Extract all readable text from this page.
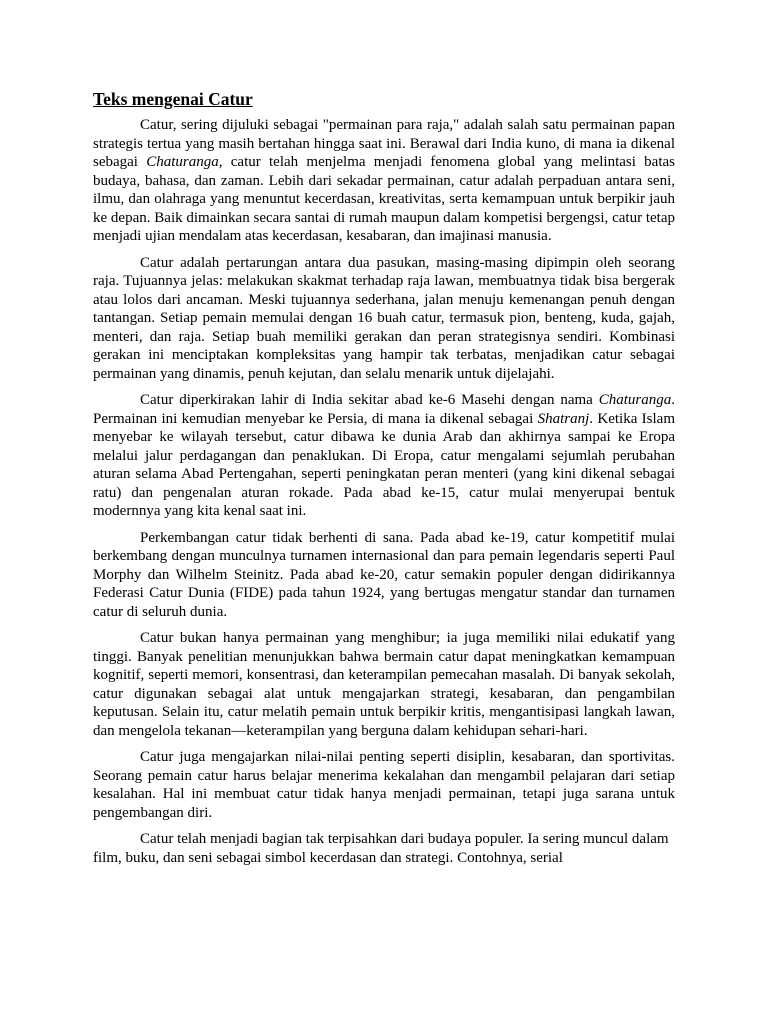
Teks mengenai Catur

Catur, sering dijuluki sebagai "permainan para raja," adalah salah satu permainan papan strategis tertua yang masih bertahan hingga saat ini. Berawal dari India kuno, di mana ia dikenal sebagai Chaturanga, catur telah menjelma menjadi fenomena global yang melintasi batas budaya, bahasa, dan zaman. Lebih dari sekadar permainan, catur adalah perpaduan antara seni, ilmu, dan olahraga yang menuntut kecerdasan, kreativitas, serta kemampuan untuk berpikir jauh ke depan. Baik dimainkan secara santai di rumah maupun dalam kompetisi bergengsi, catur tetap menjadi ujian mendalam atas kecerdasan, kesabaran, dan imajinasi manusia.

Catur adalah pertarungan antara dua pasukan, masing-masing dipimpin oleh seorang raja. Tujuannya jelas: melakukan skakmat terhadap raja lawan, membuatnya tidak bisa bergerak atau lolos dari ancaman. Meski tujuannya sederhana, jalan menuju kemenangan penuh dengan tantangan. Setiap pemain memulai dengan 16 buah catur, termasuk pion, benteng, kuda, gajah, menteri, dan raja. Setiap buah memiliki gerakan dan peran strategisnya sendiri. Kombinasi gerakan ini menciptakan kompleksitas yang hampir tak terbatas, menjadikan catur sebagai permainan yang dinamis, penuh kejutan, dan selalu menarik untuk dijelajahi.

Catur diperkirakan lahir di India sekitar abad ke-6 Masehi dengan nama Chaturanga. Permainan ini kemudian menyebar ke Persia, di mana ia dikenal sebagai Shatranj. Ketika Islam menyebar ke wilayah tersebut, catur dibawa ke dunia Arab dan akhirnya sampai ke Eropa melalui jalur perdagangan dan penaklukan. Di Eropa, catur mengalami sejumlah perubahan aturan selama Abad Pertengahan, seperti peningkatan peran menteri (yang kini dikenal sebagai ratu) dan pengenalan aturan rokade. Pada abad ke-15, catur mulai menyerupai bentuk modernnya yang kita kenal saat ini.

Perkembangan catur tidak berhenti di sana. Pada abad ke-19, catur kompetitif mulai berkembang dengan munculnya turnamen internasional dan para pemain legendaris seperti Paul Morphy dan Wilhelm Steinitz. Pada abad ke-20, catur semakin populer dengan didirikannya Federasi Catur Dunia (FIDE) pada tahun 1924, yang bertugas mengatur standar dan turnamen catur di seluruh dunia.

Catur bukan hanya permainan yang menghibur; ia juga memiliki nilai edukatif yang tinggi. Banyak penelitian menunjukkan bahwa bermain catur dapat meningkatkan kemampuan kognitif, seperti memori, konsentrasi, dan keterampilan pemecahan masalah. Di banyak sekolah, catur digunakan sebagai alat untuk mengajarkan strategi, kesabaran, dan pengambilan keputusan. Selain itu, catur melatih pemain untuk berpikir kritis, mengantisipasi langkah lawan, dan mengelola tekanan—keterampilan yang berguna dalam kehidupan sehari-hari.

Catur juga mengajarkan nilai-nilai penting seperti disiplin, kesabaran, dan sportivitas. Seorang pemain catur harus belajar menerima kekalahan dan mengambil pelajaran dari setiap kesalahan. Hal ini membuat catur tidak hanya menjadi permainan, tetapi juga sarana untuk pengembangan diri.

Catur telah menjadi bagian tak terpisahkan dari budaya populer. Ia sering muncul dalam film, buku, dan seni sebagai simbol kecerdasan dan strategi. Contohnya, serial
